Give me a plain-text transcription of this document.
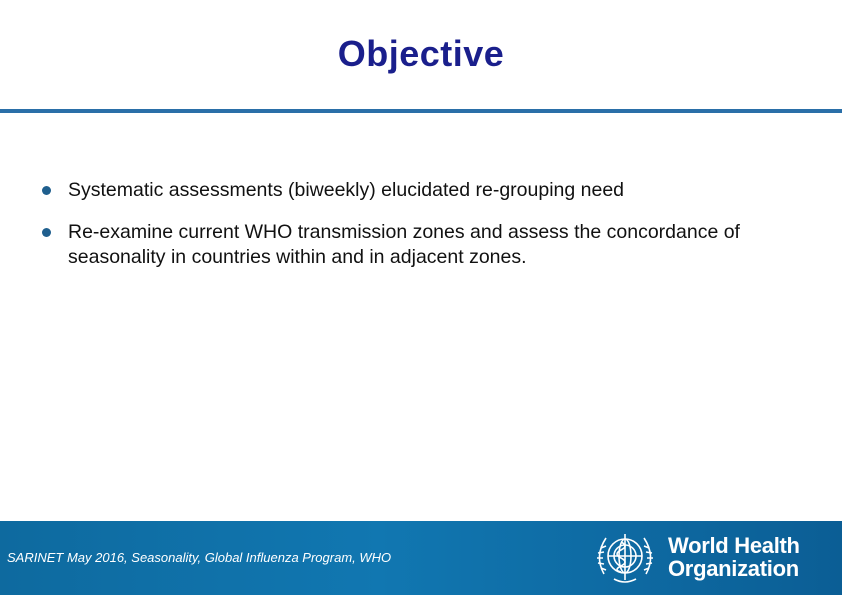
Objective
Systematic assessments (biweekly) elucidated re-grouping need
Re-examine current WHO transmission zones and assess the concordance of seasonality in countries within and in adjacent zones.
SARINET May 2016, Seasonality, Global Influenza Program, WHO	World Health
Organization
